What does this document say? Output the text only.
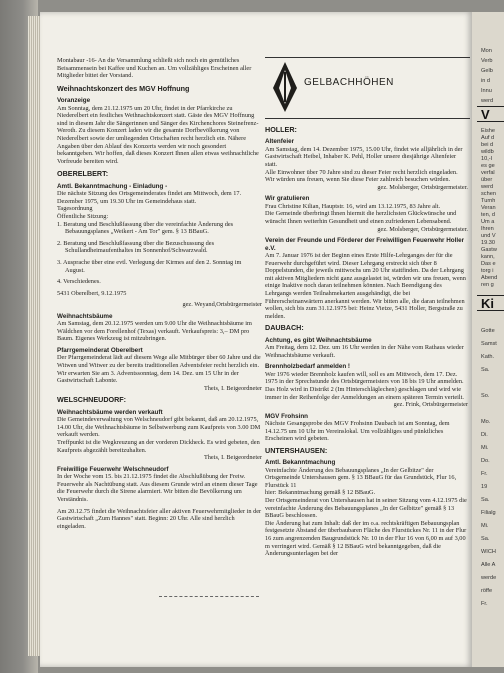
GELBACHHÖHEN

Montabaur -16- An die Versammlung schließt sich noch ein gemütliches Beisammensein bei Kaffee und Kuchen an. Um vollzähliges Erscheinen aller Mitglieder bittet der Vorstand.

Weihnachtskonzert des MGV Hoffnung

Voranzeige

Am Sonntag, dem 21.12.1975 um 20 Uhr, findet in der Pfarrkirche zu Niederelbert ein festliches Weihnachtskonzert statt. Gäste des MGV Hoffnung sind in diesem Jahr die Sängerinnen und Sänger des Kirchenchores Steinefrenz-Weroth. Zu diesem Konzert laden wir die gesamte Dorfbevölkerung von Niederelbert sowie der umliegenden Ortschaften recht herzlich ein. Nähere Angaben über den Ablauf des Konzerts werden wir noch gesondert bekanntgeben. Wir hoffen, daß dieses Konzert Ihnen allen etwas weihnachtliche Vorfreude bereiten wird.

OBERELBERT:

Amtl. Bekanntmachung - Einladung -

Die nächste Sitzung des Ortsgemeinderates findet am Mittwoch, dem 17. Dezember 1975, um 19.30 Uhr im Gemeindehaus statt.

Tagesordnung

Öffentliche Sitzung:

1. Beratung und Beschlußfassung über die vereinfachte Änderung des Bebauungsplanes „Weikert - Am Tor" gem. § 13 BBauG.

2. Beratung und Beschlußfassung über die Bezuschussung des Schullandheimaufenthaltes im Sonnenhof/Schwarzwald.

3. Ausprache über eine evtl. Verlegung der Kirmes auf den 2. Sonntag im August.

4. Verschiedenes.

5431 Oberelbert, 9.12.1975

gez. Weyand,Ortsbürgermeister

Weihnachtsbäume

Am Samstag, dem 20.12.1975 werden um 9.00 Uhr die Weihnachtsbäume im Wäldchen vor dem Forellenhof (Texas) verkauft. Verkaufspreis: 3,– DM pro Baum. Eigenes Werkzeug ist mitzubringen.

Pfarrgemeinderat Oberelbert

Der Pfarrgemeinderat lädt auf diesem Wege alle Mitbürger über 60 Jahre und die Witwen und Witwer zu der bereits traditionellen Adventsfeier recht herzlich ein.

Wir erwarten Sie am 3. Adventssonntag, dem 14. Dez. um 15 Uhr in der Gastwirtschaft Labonte.

Theis, I. Beigeordneter

WELSCHNEUDORF:

Weihnachtsbäume werden verkauft

Die Gemeindeverwaltung von Welschneudorf gibt bekannt, daß am 20.12.1975, 14.00 Uhr, die Weihnachtsbäume in Selbstwerbung zum Kaufpreis von 3.00 DM verkauft werden.

Treffpunkt ist die Wegkreuzung an der vorderen Dickheck. Es wird gebeten, den Kaufpreis abgezählt bereitzuhalten.

Theis, I. Beigeordneter

Freiwillige Feuerwehr Welschneudorf

In der Woche vom 15. bis 21.12.1975 findet die Abschlußübung der Freiw. Feuerwehr als Nachtübung statt. Aus diesem Grunde wird an einem dieser Tage die Feuerwehr durch die Sirene alarmiert. Wir bitten die Bevölkerung um Verständnis.

Am 20.12.75 findet die Weihnachtsfeier aller aktiven Feuerwehrmitglieder in der Gastwirtschaft „Zum Hannes" statt. Beginn: 20 Uhr. Alle sind herzlich eingeladen.

HOLLER:

Altenfeier

Am Samstag, dem 14. Dezember 1975, 15.00 Uhr, findet wie alljährlich in der Gastwirtschaft Heibel, Inhaber K. Pehl, Holler unsere diesjährige Altenfeier statt.

Alle Einwohner über 70 Jahre sind zu dieser Feier recht herzlich eingeladen.

Wir würden uns freuen, wenn Sie diese Feier zahlreich besuchen würden.

gez. Molsberger, Ortsbürgermeister.

Wir gratulieren

Frau Christine Kilian, Hauptstr. 16, wird am 13.12.1975, 83 Jahre alt.

Die Gemeinde überbringt Ihnen hiermit die herzlichsten Glückwünsche und wünscht Ihnen weiterhin Gesundheit und einen zufriedenen Lebensabend.

gez. Molsberger, Ortsbürgermeister.

Verein der Freunde und Förderer der Freiwilligen Feuerwehr Holler e.V.

Am 7. Januar 1976 ist der Beginn eines Erste Hilfe-Lehrganges der für die Feuerwehr durchgeführt wird. Dieser Lehrgang erstreckt sich über 8 Doppelstunden, die jeweils mittwochs um 20 Uhr stattfinden. Da der Lehrgang mit aktiven Mitgliedern nicht ganz ausgelastet ist, würden wir uns freuen, wenn einige Inaktive noch daran teilnehmen könnten. Nach Beendigung des Lehrgangs werden Teilnahmekarten ausgehändigt, die bei Führerscheinanwärtern anerkannt werden. Wir bitten alle, die daran teilnehmen wollen, sich bis zum 31.12.1975 bei: Heinz Vietze, 5431 Holler, Bergstraße zu melden.

DAUBACH:

Achtung, es gibt Weihnachtsbäume

Am Freitag, dem 12. Dez. um 16 Uhr werden in der Nähe vom Rathaus wieder Weihnachtsbäume verkauft.

Brennholzbedarf anmelden !

Wer 1976 wieder Brennholz kaufen will, soll es am Mittwoch, dem 17. Dez. 1975 in der Sprechstunde des Ortsbürgermeisters von 18 bis 19 Uhr anmelden.

Das Holz wird in Distrikt 2 (Im Hinterschläglechen) geschlagen und wird wie immer in der Reihenfolge der Anmeldungen an einem späteren Termin verteilt.

gez. Frink, Ortsbürgermeister

MGV Frohsinn

Nächste Gesangsprobe des MGV Frohsinn Daubach ist am Sonntag, dem 14.12.75 um 10 Uhr im Vereinslokal. Um vollzähliges und pünktliches Erscheinen wird gebeten.

UNTERSHAUSEN:

Amtl. Bekanntmachung

Vereinfachte Änderung des Bebauungsplanes „In der Gelbitze" der Ortsgemeinde Untershausen gem. § 13 BBauG für das Grundstück, Flur 16, Flurstück 11

hier: Bekanntmachung gemäß § 12 BBauG.

Der Ortsgemeinderat von Untershausen hat in seiner Sitzung vom 4.12.1975 die vereinfachte Änderung des Bebauungsplanes „In der Gelbitze" gemäß § 13 BBauG beschlossen.

Die Änderung hat zum Inhalt: daß der im o.a. rechtskräftigen Bebauungsplan festgesetzte Abstand der überbaubaren Fläche des Flurstückes Nr. 11 in der Flur 16 zum angrenzenden Baugrundstück Nr. 10 in der Flur 16 von 6,00 m auf 3,00 m verringert wird. Gemäß § 12 BBauG wird bekanntgegeben, daß die Änderungsunterlagen bei der

Mon
Verb
Gelb
in d
Innu
werd
V
Eishe
Auf d
bei d
wildb
10,-I
es ge
verfal
über
werd
schen
Turnh
Veran
ten, d
Um a
Ihren
und V
19.30
Gastw
kann,
Das e
torg i
Abend
ren g
Ki
Gotte
Samst
Kath.
Sa.
So.
Mo.
Di.
Mi.
Do.
Fr.
19
Sa.
Filialg
Mi.
Sa.
WICH
Alle A
werde
röffe
Fr.
